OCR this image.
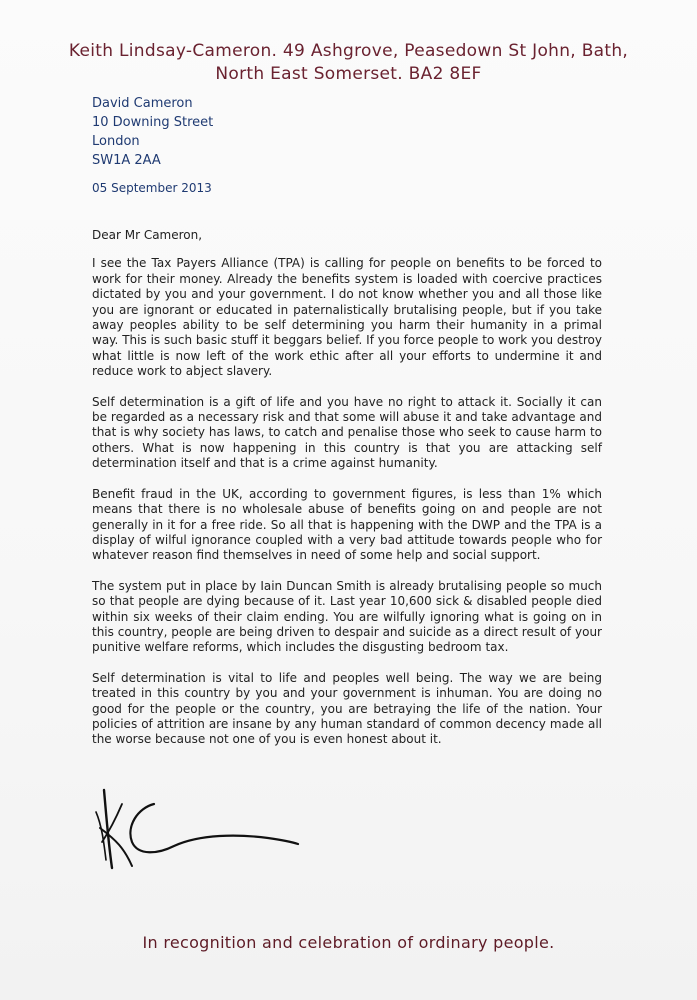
Keith Lindsay-Cameron. 49 Ashgrove, Peasedown St John, Bath,
North East Somerset. BA2 8EF
David Cameron
10 Downing Street
London
SW1A 2AA
05 September 2013

Dear Mr Cameron,

I see the Tax Payers Alliance (TPA) is calling for people on benefits to be forced to work for their money. Already the benefits system is loaded with coercive practices dictated by you and your government. I do not know whether you and all those like you are ignorant or educated in paternalistically brutalising people, but if you take away peoples ability to be self determining you harm their humanity in a primal way. This is such basic stuff it beggars belief. If you force people to work you destroy what little is now left of the work ethic after all your efforts to undermine it and reduce work to abject slavery.

Self determination is a gift of life and you have no right to attack it. Socially it can be regarded as a necessary risk and that some will abuse it and take advantage and that is why society has laws, to catch and penalise those who seek to cause harm to others. What is now happening in this country is that you are attacking self determination itself and that is a crime against humanity.

Benefit fraud in the UK, according to government figures, is less than 1% which means that there is no wholesale abuse of benefits going on and people are not generally in it for a free ride. So all that is happening with the DWP and the TPA is a display of wilful ignorance coupled with a very bad attitude towards people who for whatever reason find themselves in need of some help and social support.

The system put in place by Iain Duncan Smith is already brutalising people so much so that people are dying because of it. Last year 10,600 sick & disabled people died within six weeks of their claim ending. You are wilfully ignoring what is going on in this country, people are being driven to despair and suicide as a direct result of your punitive welfare reforms, which includes the disgusting bedroom tax.

Self determination is vital to life and peoples well being. The way we are being treated in this country by you and your government is inhuman. You are doing no good for the people or the country, you are betraying the life of the nation. Your policies of attrition are insane by any human standard of common decency made all the worse because not one of you is even honest about it.

In recognition and celebration of ordinary people.
